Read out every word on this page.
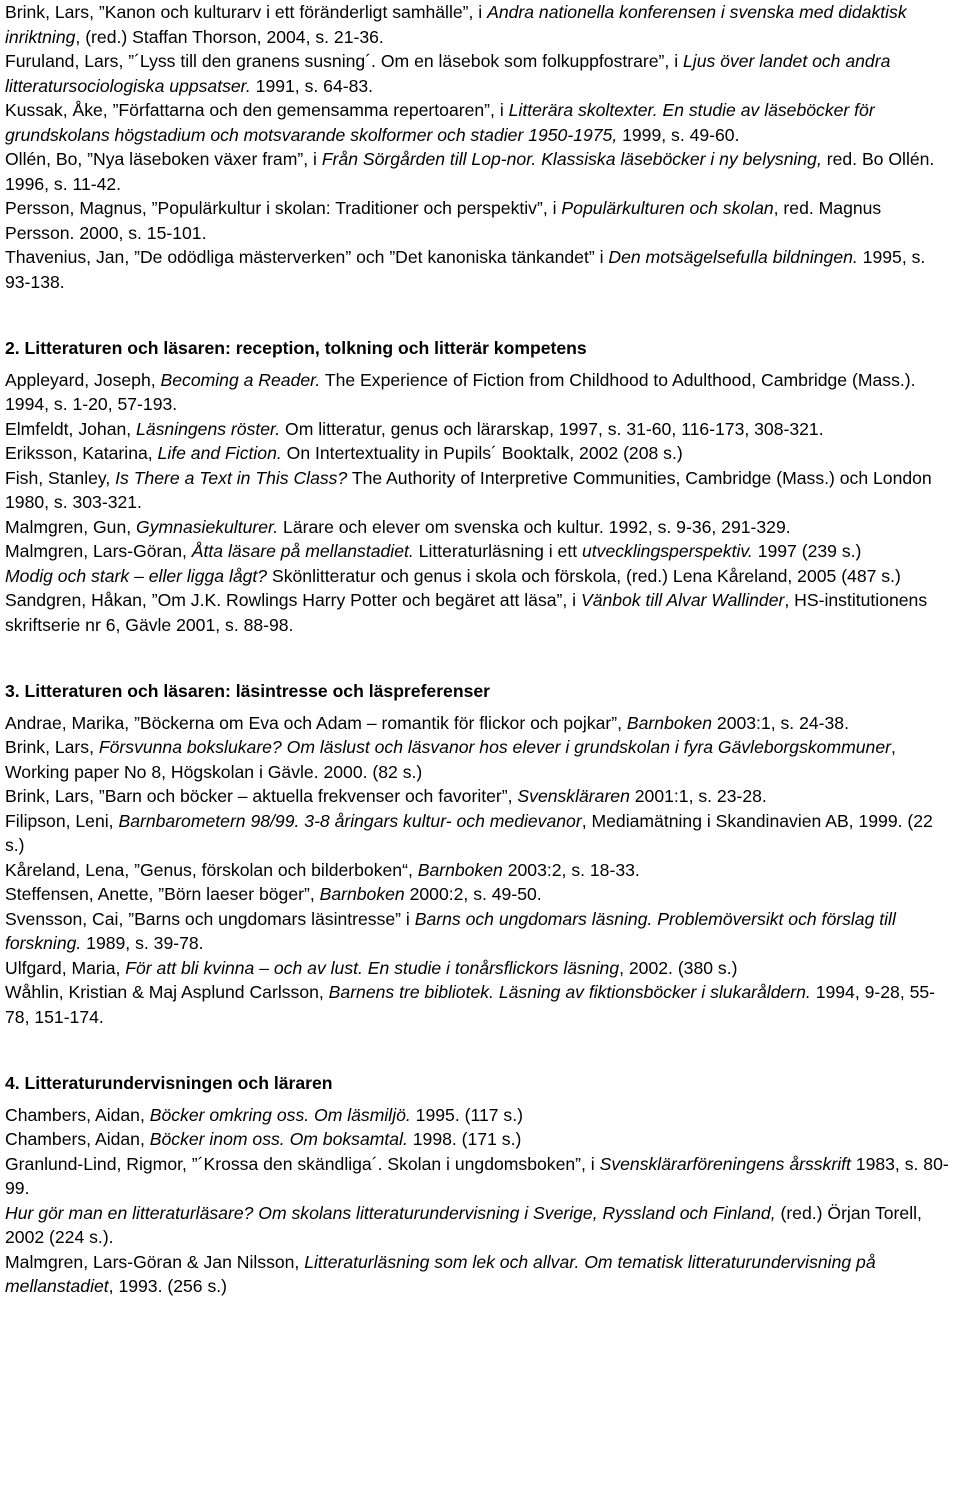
Brink, Lars, ”Kanon och kulturarv i ett föränderligt samhälle”, i Andra nationella konferensen i svenska med didaktisk inriktning, (red.) Staffan Thorson, 2004, s. 21-36.

Furuland, Lars, ”´Lyss till den granens susning´. Om en läsebok som folkuppfostrare”, i Ljus över landet och andra litteratursociologiska uppsatser. 1991, s. 64-83.

Kussak, Åke, ”Författarna och den gemensamma repertoaren”, i Litterära skoltexter. En studie av läseböcker för grundskolans högstadium och motsvarande skolformer och stadier 1950-1975, 1999, s. 49-60.

Ollén, Bo, ”Nya läseboken växer fram”, i Från Sörgården till Lop-nor. Klassiska läseböcker i ny belysning, red. Bo Ollén. 1996, s. 11-42.

Persson, Magnus, ”Populärkultur i skolan: Traditioner och perspektiv”, i Populärkulturen och skolan, red. Magnus Persson. 2000, s. 15-101.

Thavenius, Jan, ”De odödliga mästerverken” och ”Det kanoniska tänkandet” i Den motsägelsefulla bildningen. 1995, s. 93-138.

2. Litteraturen och läsaren: reception, tolkning och litterär kompetens

Appleyard, Joseph, Becoming a Reader. The Experience of Fiction from Childhood to Adulthood, Cambridge (Mass.). 1994, s. 1-20, 57-193.

Elmfeldt, Johan, Läsningens röster. Om litteratur, genus och lärarskap, 1997, s. 31-60, 116-173, 308-321.

Eriksson, Katarina, Life and Fiction. On Intertextuality in Pupils´ Booktalk, 2002 (208 s.)

Fish, Stanley, Is There a Text in This Class? The Authority of Interpretive Communities, Cambridge (Mass.) och London 1980, s. 303-321.

Malmgren, Gun, Gymnasiekulturer. Lärare och elever om svenska och kultur. 1992, s. 9-36, 291-329.

Malmgren, Lars-Göran, Åtta läsare på mellanstadiet. Litteraturläsning i ett utvecklingsperspektiv. 1997 (239 s.)

Modig och stark – eller ligga lågt? Skönlitteratur och genus i skola och förskola, (red.) Lena Kåreland, 2005 (487 s.)

Sandgren, Håkan, ”Om J.K. Rowlings Harry Potter och begäret att läsa”, i Vänbok till Alvar Wallinder, HS-institutionens skriftserie nr 6, Gävle 2001, s. 88-98.

3. Litteraturen och läsaren: läsintresse och läspreferenser

Andrae, Marika, ”Böckerna om Eva och Adam – romantik för flickor och pojkar”, Barnboken 2003:1, s. 24-38.

Brink, Lars, Försvunna bokslukare? Om läslust och läsvanor hos elever i grundskolan i fyra Gävleborgskommuner, Working paper No 8, Högskolan i Gävle. 2000. (82 s.)

Brink, Lars, ”Barn och böcker – aktuella frekvenser och favoriter”, Svenskläraren 2001:1, s. 23-28.

Filipson, Leni, Barnbarometern 98/99. 3-8 åringars kultur- och medievanor, Mediamätning i Skandinavien AB, 1999. (22 s.)

Kåreland, Lena, ”Genus, förskolan och bilderboken“, Barnboken 2003:2, s. 18-33.

Steffensen, Anette, ”Börn laeser böger”, Barnboken 2000:2, s. 49-50.

Svensson, Cai, ”Barns och ungdomars läsintresse” i Barns och ungdomars läsning. Problemöversikt och förslag till forskning. 1989, s. 39-78.

Ulfgard, Maria, För att bli kvinna – och av lust. En studie i tonårsflickors läsning, 2002. (380 s.)

Wåhlin, Kristian & Maj Asplund Carlsson, Barnens tre bibliotek. Läsning av fiktionsböcker i slukaråldern. 1994, 9-28, 55-78, 151-174.

4. Litteraturundervisningen och läraren

Chambers, Aidan, Böcker omkring oss. Om läsmiljö. 1995. (117 s.)

Chambers, Aidan, Böcker inom oss. Om boksamtal. 1998. (171 s.)

Granlund-Lind, Rigmor, ”´Krossa den skändliga´. Skolan i ungdomsboken”, i Svensklärarföreningens årsskrift 1983, s. 80-99.

Hur gör man en litteraturläsare? Om skolans litteraturundervisning i Sverige, Ryssland och Finland, (red.) Örjan Torell, 2002 (224 s.).

Malmgren, Lars-Göran & Jan Nilsson, Litteraturläsning som lek och allvar. Om tematisk litteraturundervisning på mellanstadiet, 1993. (256 s.)
